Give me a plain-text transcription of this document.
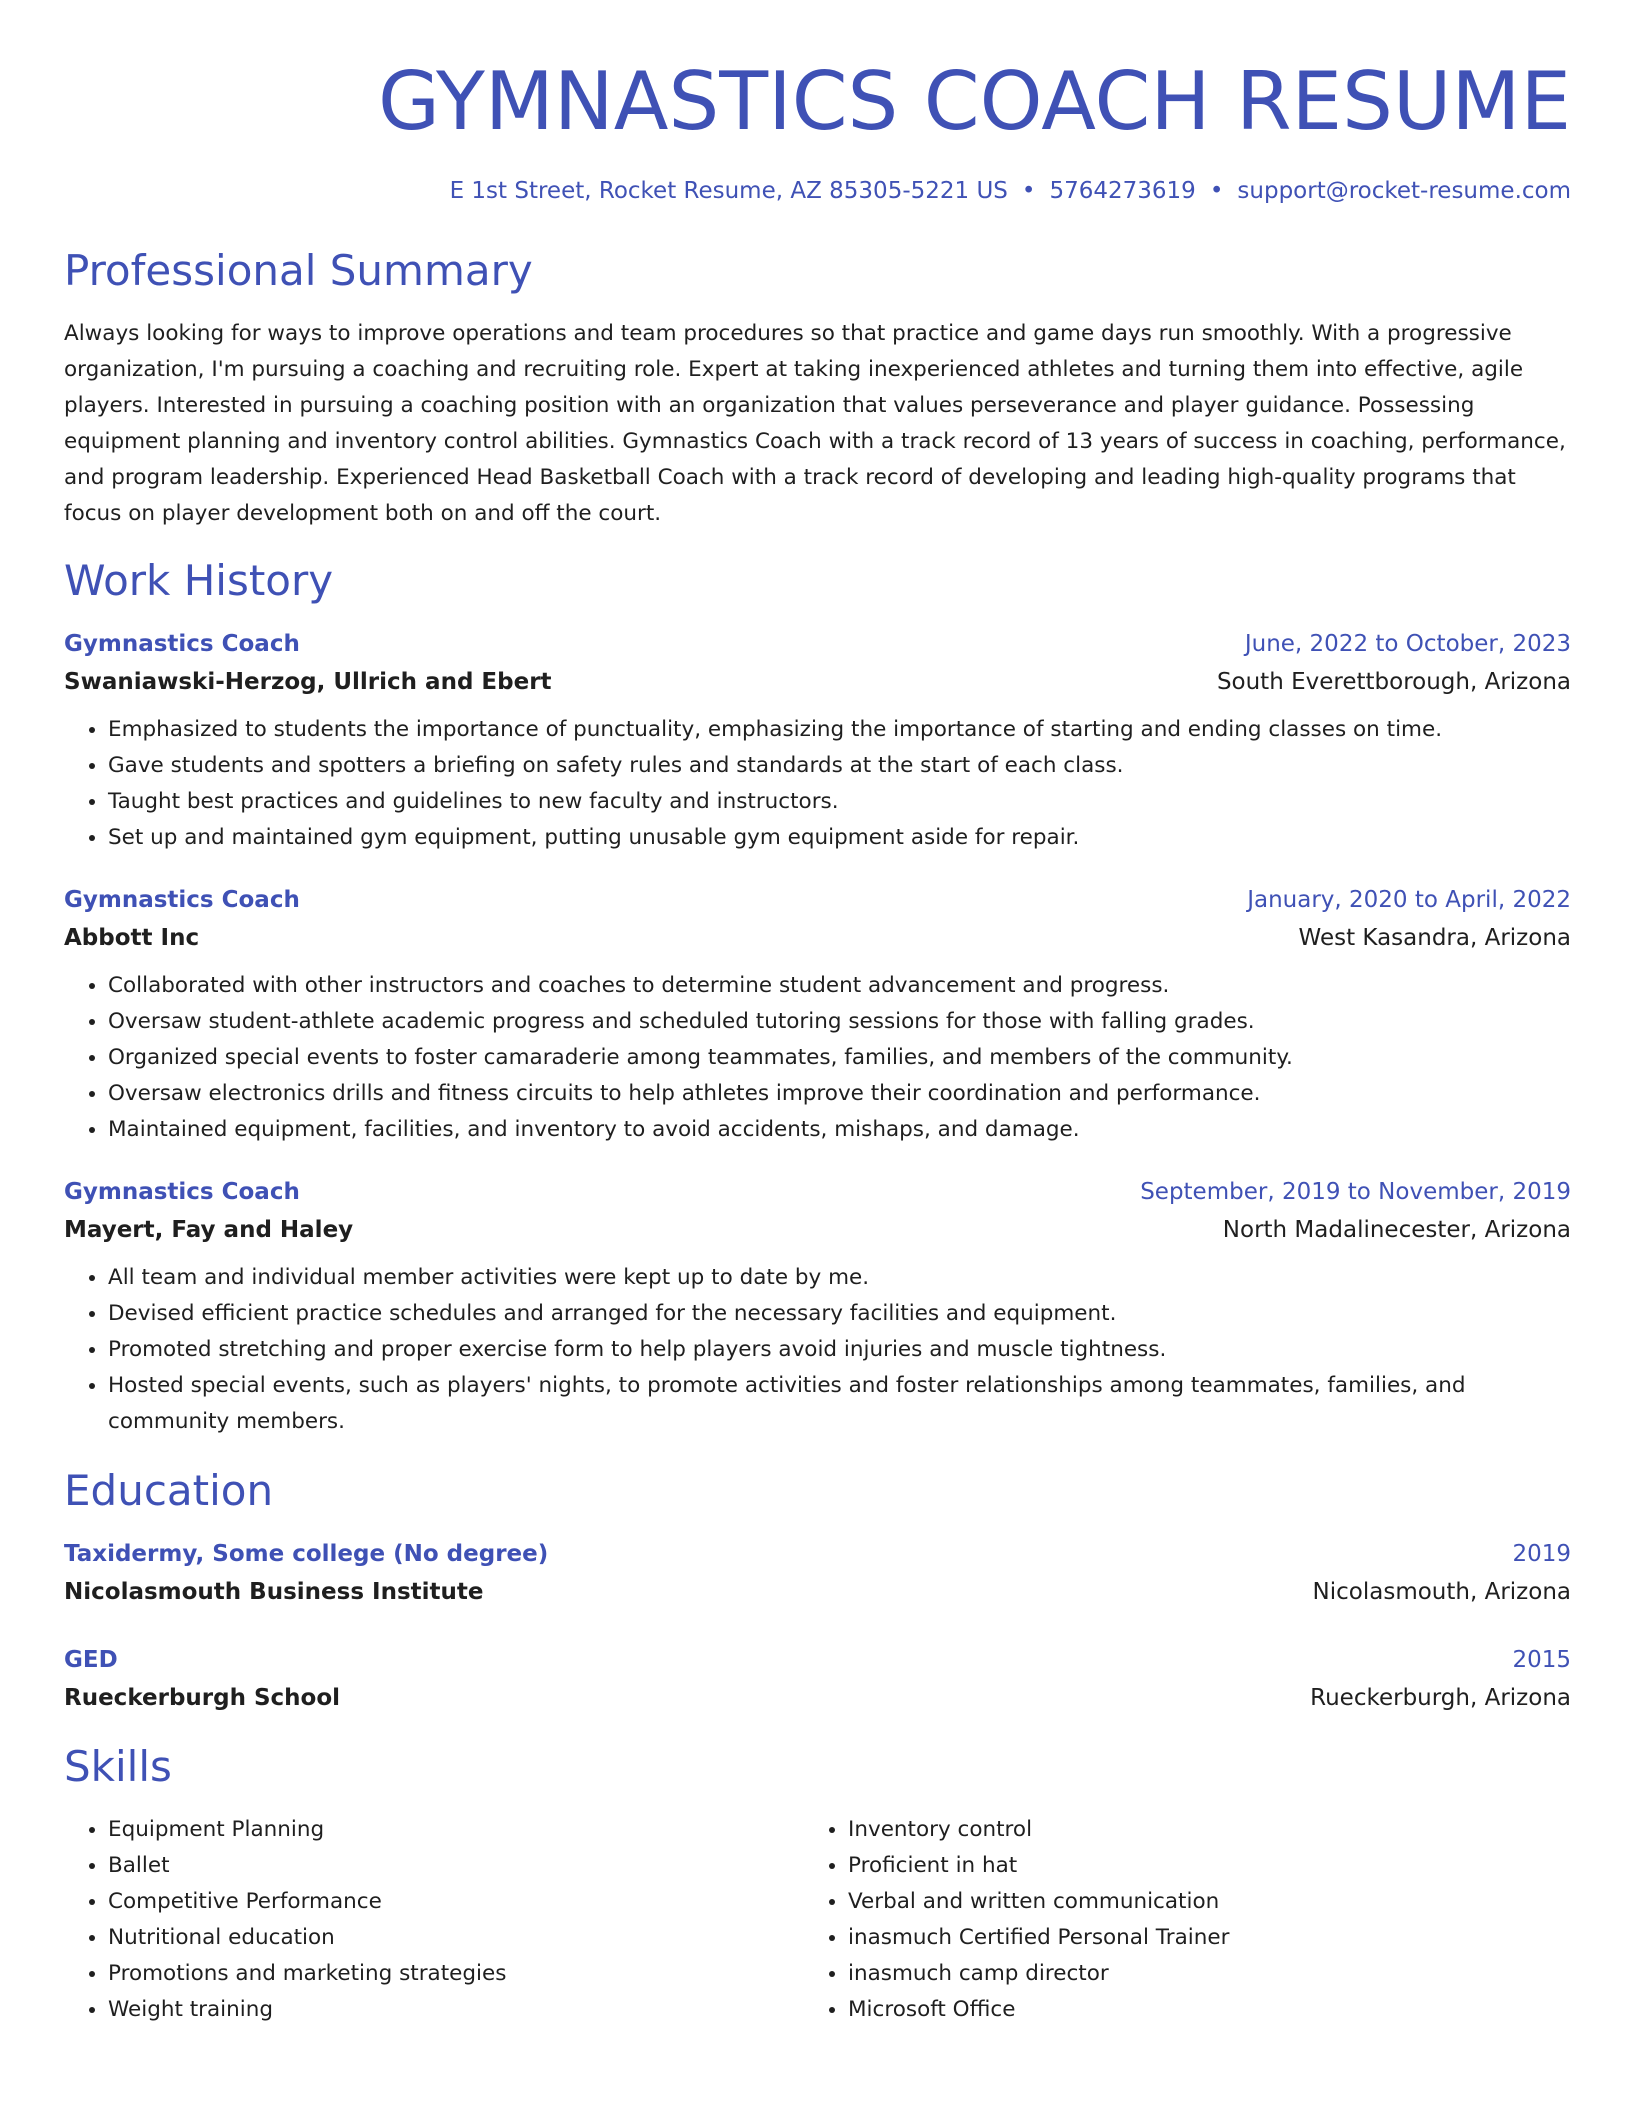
GYMNASTICS COACH RESUME
E 1st Street, Rocket Resume, AZ 85305-5221 US • 5764273619 • support@rocket-resume.com
Professional Summary

Always looking for ways to improve operations and team procedures so that practice and game days run smoothly. With a progressive organization, I'm pursuing a coaching and recruiting role. Expert at taking inexperienced athletes and turning them into effective, agile players. Interested in pursuing a coaching position with an organization that values perseverance and player guidance. Possessing equipment planning and inventory control abilities. Gymnastics Coach with a track record of 13 years of success in coaching, performance, and program leadership. Experienced Head Basketball Coach with a track record of developing and leading high-quality programs that focus on player development both on and off the court.

Work History
Gymnastics Coach	June, 2022 to October, 2023
Swaniawski-Herzog, Ullrich and Ebert	South Everettborough, Arizona
• Emphasized to students the importance of punctuality, emphasizing the importance of starting and ending classes on time.
• Gave students and spotters a briefing on safety rules and standards at the start of each class.
• Taught best practices and guidelines to new faculty and instructors.
• Set up and maintained gym equipment, putting unusable gym equipment aside for repair.
Gymnastics Coach	January, 2020 to April, 2022
Abbott Inc	West Kasandra, Arizona
• Collaborated with other instructors and coaches to determine student advancement and progress.
• Oversaw student-athlete academic progress and scheduled tutoring sessions for those with falling grades.
• Organized special events to foster camaraderie among teammates, families, and members of the community.
• Oversaw electronics drills and fitness circuits to help athletes improve their coordination and performance.
• Maintained equipment, facilities, and inventory to avoid accidents, mishaps, and damage.
Gymnastics Coach	September, 2019 to November, 2019
Mayert, Fay and Haley	North Madalinecester, Arizona
• All team and individual member activities were kept up to date by me.
• Devised efficient practice schedules and arranged for the necessary facilities and equipment.
• Promoted stretching and proper exercise form to help players avoid injuries and muscle tightness.
• Hosted special events, such as players' nights, to promote activities and foster relationships among teammates, families, and community members.
Education
Taxidermy, Some college (No degree)	2019
Nicolasmouth Business Institute	Nicolasmouth, Arizona
GED	2015
Rueckerburgh School	Rueckerburgh, Arizona
Skills
• Equipment Planning
• Ballet
• Competitive Performance
• Nutritional education
• Promotions and marketing strategies
• Weight training
• Inventory control
• Proficient in hat
• Verbal and written communication
• inasmuch Certified Personal Trainer
• inasmuch camp director
• Microsoft Office
